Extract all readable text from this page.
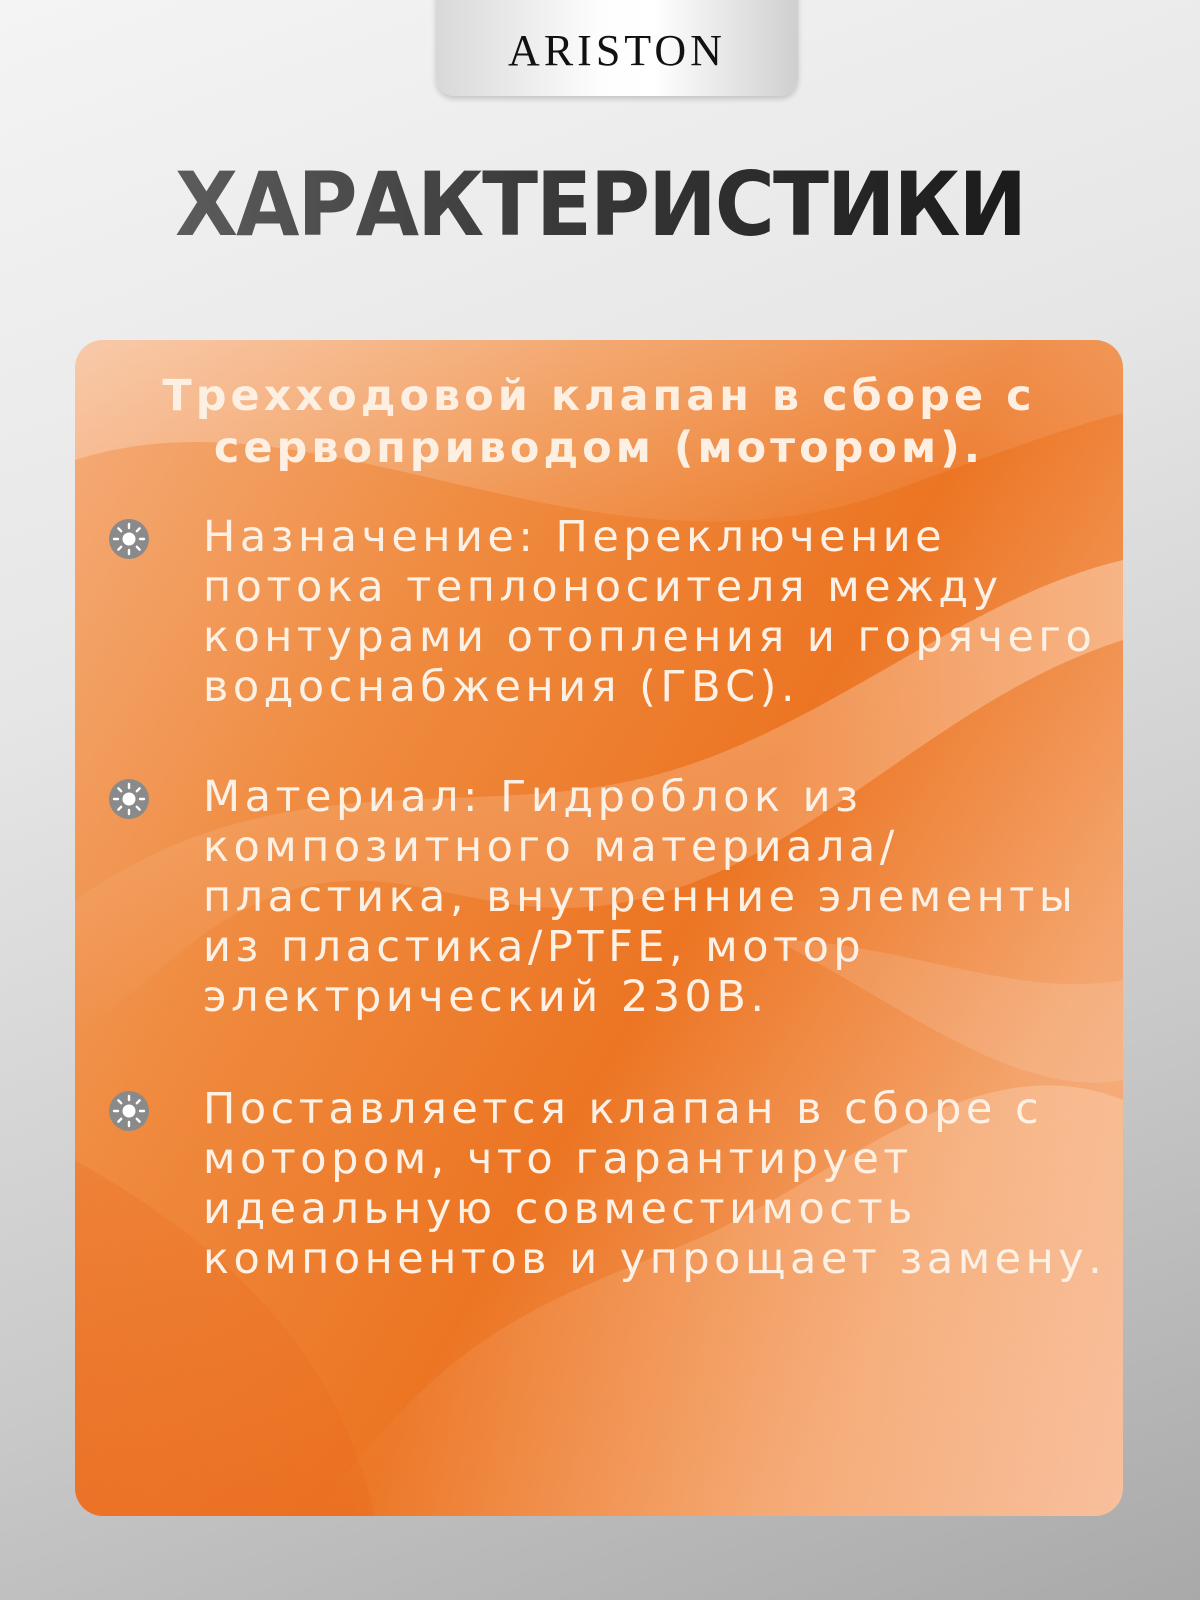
ARISTON
ХАРАКТЕРИСТИКИ
Трехходовой клапан в сборе с сервоприводом (мотором).
Назначение: Переключение потока теплоносителя между контурами отопления и горячего водоснабжения (ГВС).
Материал: Гидроблок из композитного материала/пластика, внутренние элементы из пластика/PTFE, мотор электрический 230В.
Поставляется клапан в сборе с мотором, что гарантирует идеальную совместимость компонентов и упрощает замену.
